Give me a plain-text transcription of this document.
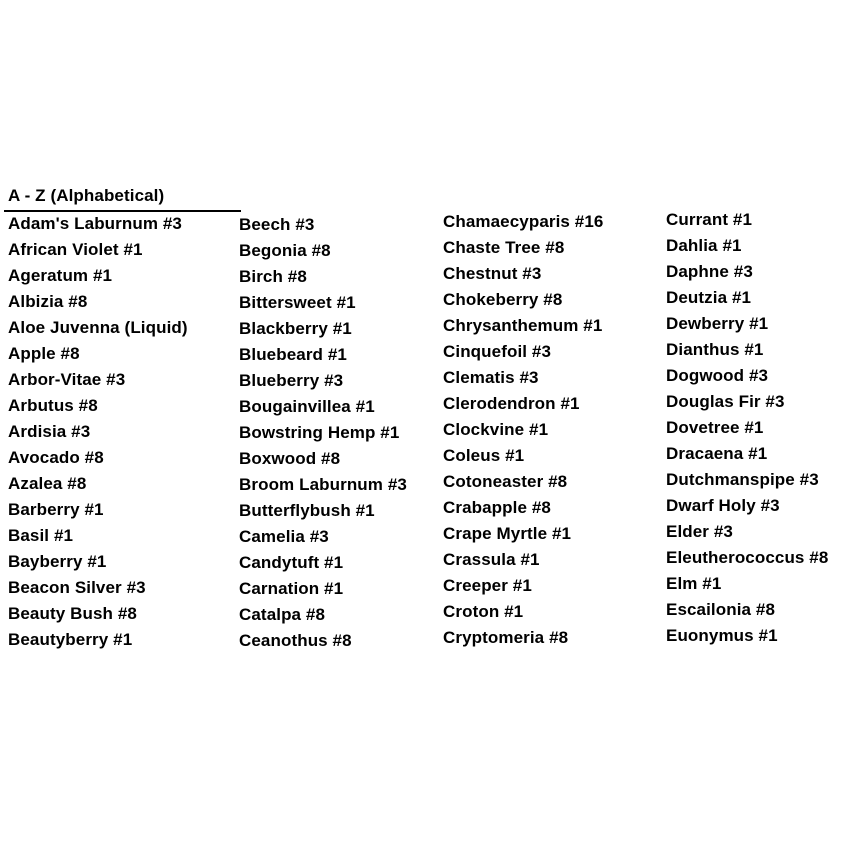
A - Z (Alphabetical)
Adam's Laburnum #3
African Violet #1
Ageratum #1
Albizia #8
Aloe Juvenna (Liquid)
Apple #8
Arbor-Vitae #3
Arbutus #8
Ardisia #3
Avocado #8
Azalea #8
Barberry #1
Basil #1
Bayberry #1
Beacon Silver #3
Beauty Bush #8
Beautyberry #1
Beech #3
Begonia #8
Birch #8
Bittersweet #1
Blackberry #1
Bluebeard #1
Blueberry #3
Bougainvillea #1
Bowstring Hemp #1
Boxwood #8
Broom Laburnum #3
Butterflybush #1
Camelia #3
Candytuft #1
Carnation #1
Catalpa #8
Ceanothus #8
Chamaecyparis #16
Chaste Tree #8
Chestnut #3
Chokeberry #8
Chrysanthemum #1
Cinquefoil #3
Clematis #3
Clerodendron #1
Clockvine #1
Coleus #1
Cotoneaster #8
Crabapple #8
Crape Myrtle #1
Crassula #1
Creeper #1
Croton #1
Cryptomeria #8
Currant #1
Dahlia #1
Daphne #3
Deutzia #1
Dewberry #1
Dianthus #1
Dogwood #3
Douglas Fir #3
Dovetree #1
Dracaena #1
Dutchmanspipe #3
Dwarf Holy #3
Elder #3
Eleutherococcus #8
Elm #1
Escailonia #8
Euonymus #1
